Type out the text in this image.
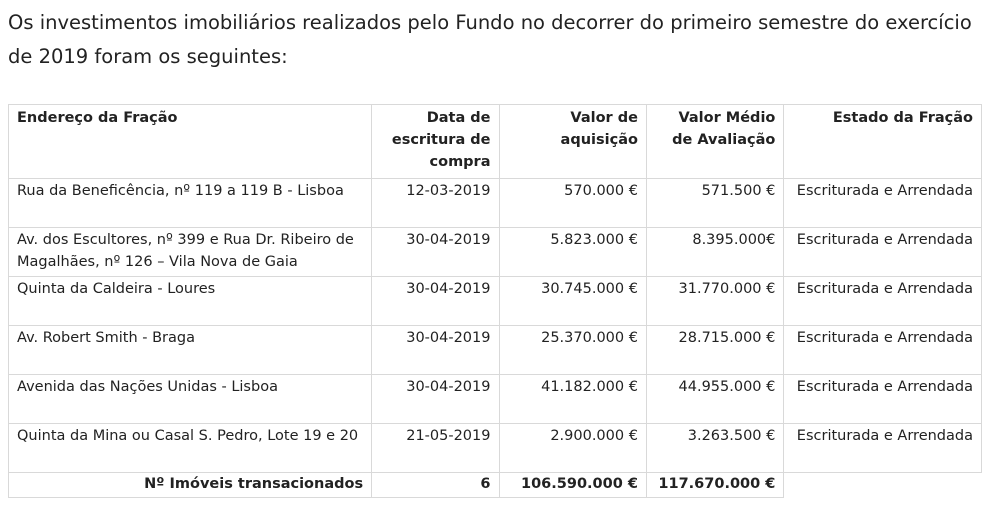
Os investimentos imobiliários realizados pelo Fundo no decorrer do primeiro semestre do exercício de 2019 foram os seguintes:

Endereço da Fração	Data de escritura de compra	Valor de aquisição	Valor Médio de Avaliação	Estado da Fração
Rua da Beneficência, nº 119 a 119 B - Lisboa	12-03-2019	570.000 €	571.500 €	Escriturada e Arrendada
Av. dos Escultores, nº 399 e Rua Dr. Ribeiro de Magalhães, nº 126 – Vila Nova de Gaia	30-04-2019	5.823.000 €	8.395.000€	Escriturada e Arrendada
Quinta da Caldeira - Loures	30-04-2019	30.745.000 €	31.770.000 €	Escriturada e Arrendada
Av. Robert Smith - Braga	30-04-2019	25.370.000 €	28.715.000 €	Escriturada e Arrendada
Avenida das Nações Unidas - Lisboa	30-04-2019	41.182.000 €	44.955.000 €	Escriturada e Arrendada
Quinta da Mina ou Casal S. Pedro, Lote 19 e 20	21-05-2019	2.900.000 €	3.263.500 €	Escriturada e Arrendada
Nº Imóveis transacionados	6	106.590.000 €	117.670.000 €	
